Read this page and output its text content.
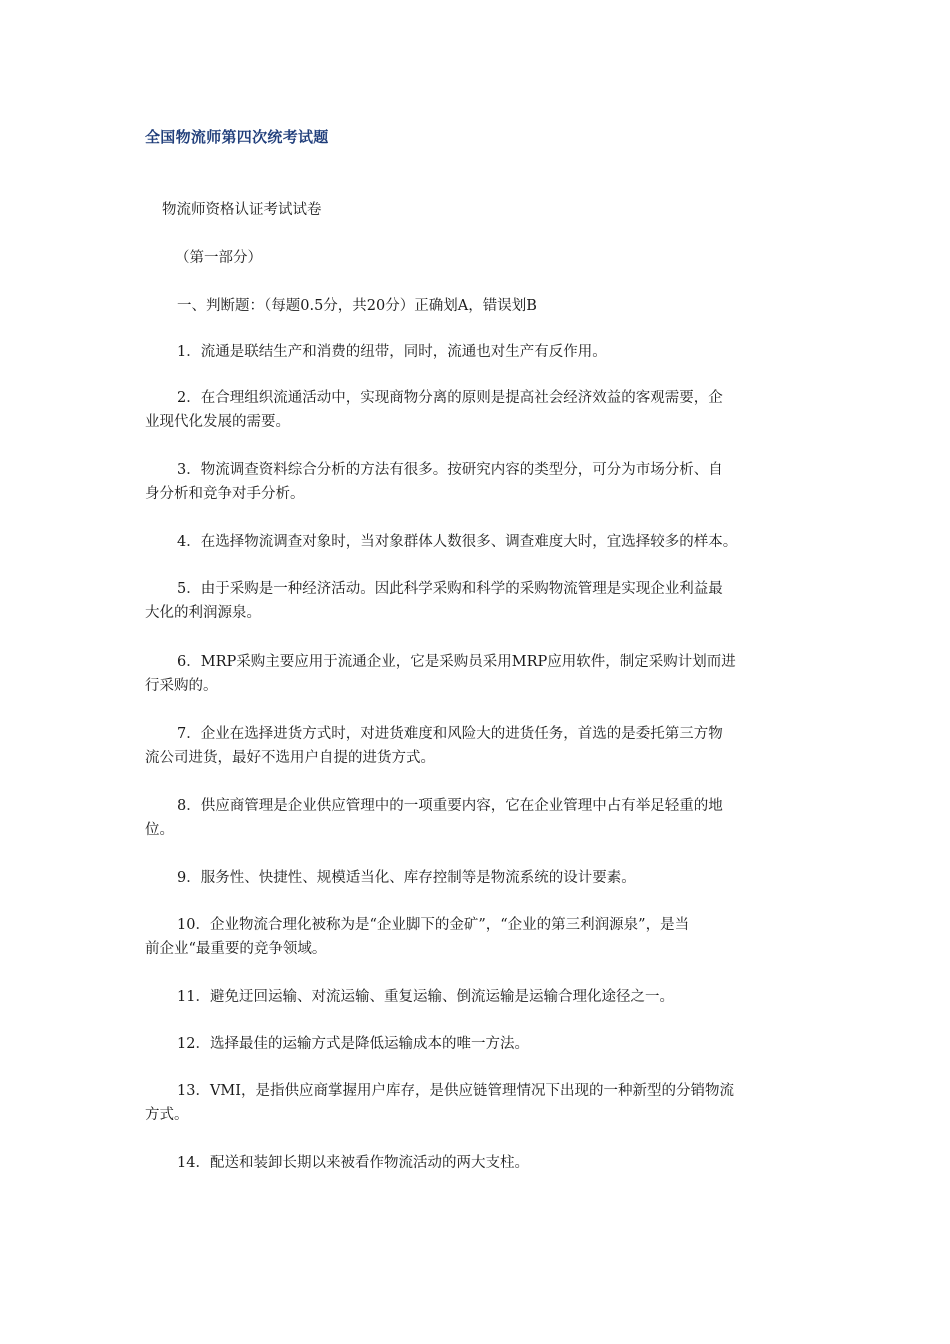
全国物流师第四次统考试题
物流师资格认证考试试卷
（第一部分）
一、判断题：（每题0.5分，共20分）正确划A，错误划B
1．流通是联结生产和消费的纽带，同时，流通也对生产有反作用。
2．在合理组织流通活动中，实现商物分离的原则是提高社会经济效益的客观需要，企
业现代化发展的需要。
3．物流调查资料综合分析的方法有很多。按研究内容的类型分，可分为市场分析、自
身分析和竞争对手分析。
4．在选择物流调查对象时，当对象群体人数很多、调查难度大时，宜选择较多的样本。
5．由于采购是一种经济活动。因此科学采购和科学的采购物流管理是实现企业利益最
大化的利润源泉。
6．MRP采购主要应用于流通企业，它是采购员采用MRP应用软件，制定采购计划而进
行采购的。
7．企业在选择进货方式时，对进货难度和风险大的进货任务，首选的是委托第三方物
流公司进货，最好不选用户自提的进货方式。
8．供应商管理是企业供应管理中的一项重要内容，它在企业管理中占有举足轻重的地
位。
9．服务性、快捷性、规模适当化、库存控制等是物流系统的设计要素。
10．企业物流合理化被称为是“企业脚下的金矿”，“企业的第三利润源泉”，是当
前企业“最重要的竞争领域。
11．避免迂回运输、对流运输、重复运输、倒流运输是运输合理化途径之一。
12．选择最佳的运输方式是降低运输成本的唯一方法。
13．VMI，是指供应商掌握用户库存，是供应链管理情况下出现的一种新型的分销物流
方式。
14．配送和装卸长期以来被看作物流活动的两大支柱。
